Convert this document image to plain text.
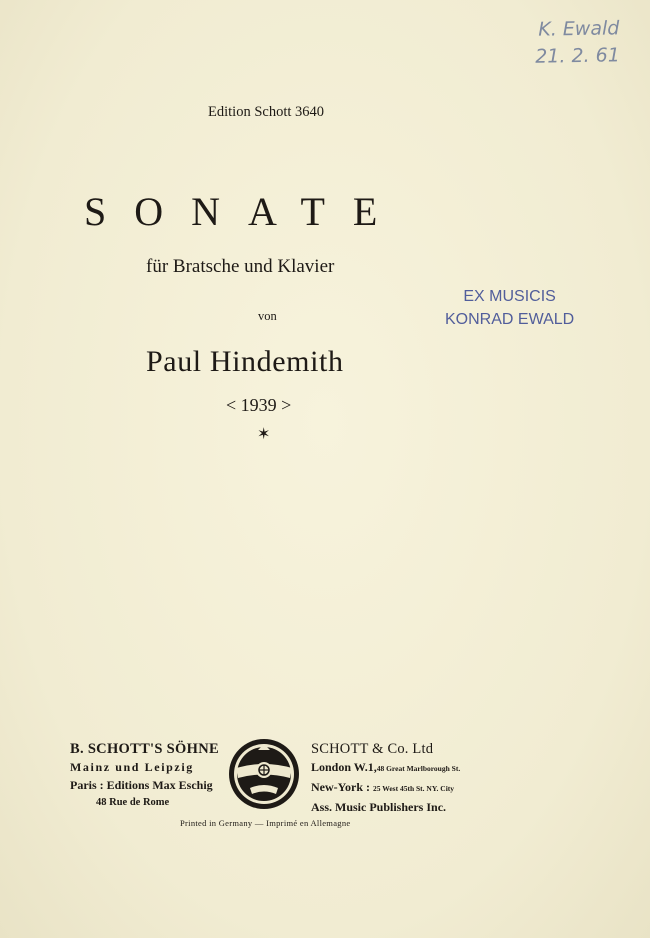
K. Ewald
21. 2. 61
Edition Schott 3640
SONATE
für Bratsche und Klavier
EX MUSICIS
KONRAD EWALD
von
Paul Hindemith
< 1939 >
✶
B. SCHOTT'S SÖHNE
Mainz und Leipzig
Paris : Editions Max Eschig
48 Rue de Rome
SCHOTT & Co. Ltd
London W.1,48 Great Marlborough St.
New-York : 25 West 45th St. NY. City
Ass. Music Publishers Inc.
Printed in Germany — Imprimé en Allemagne
